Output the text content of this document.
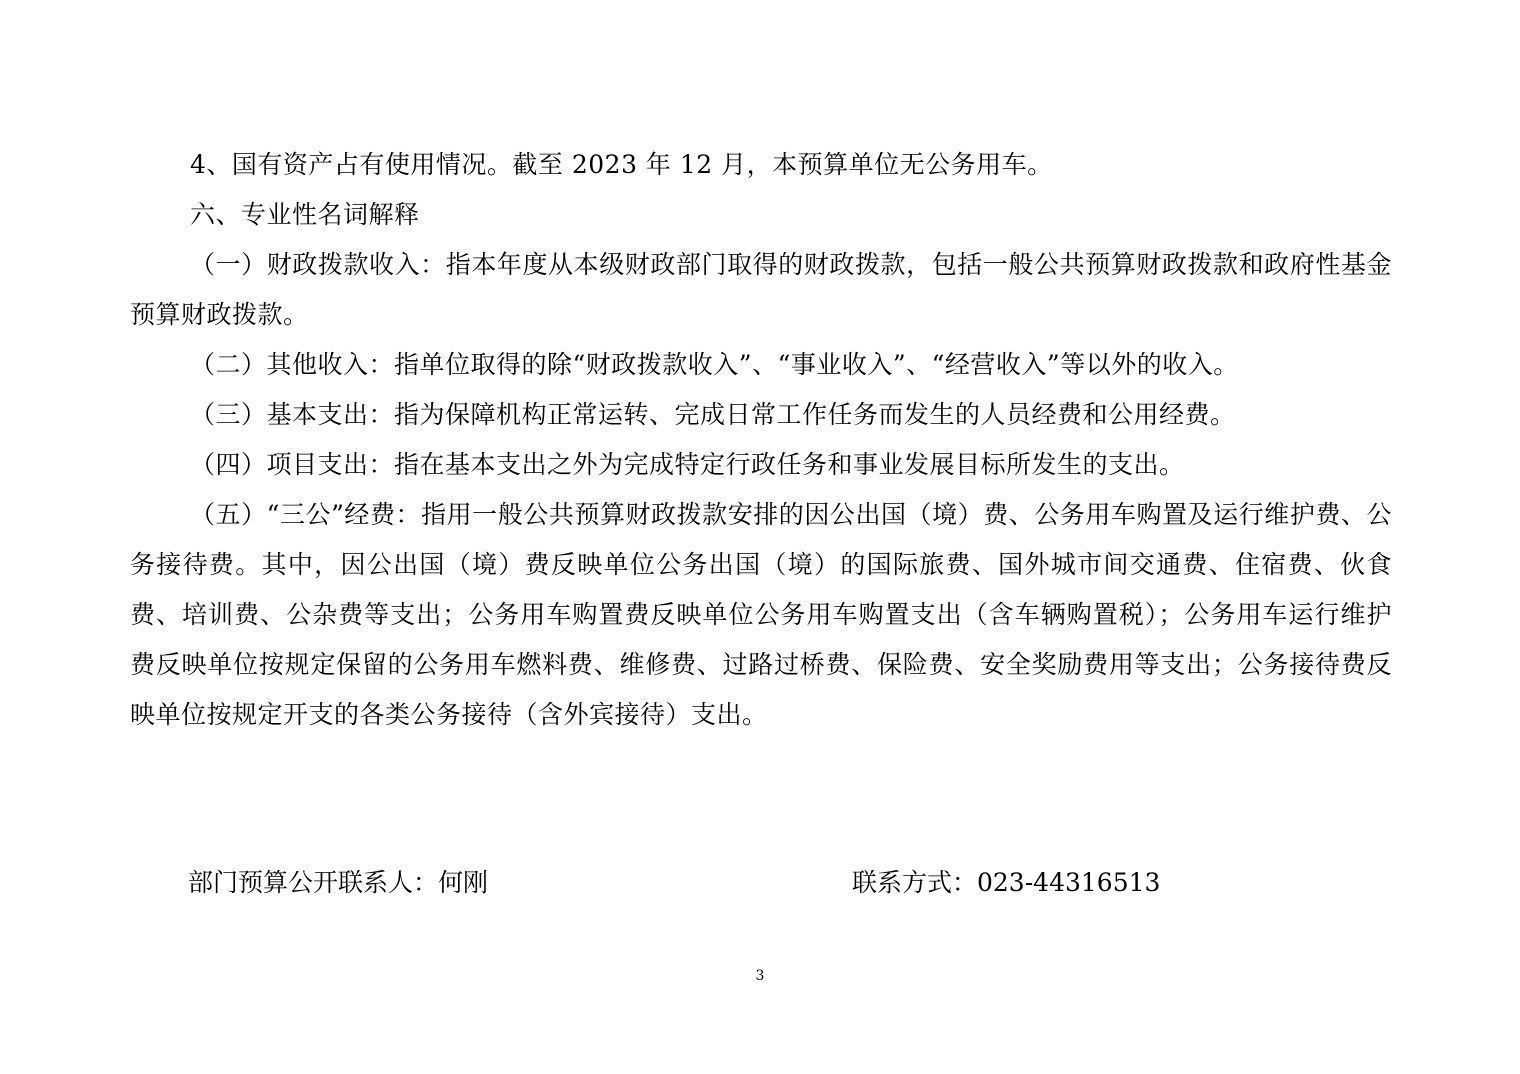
4、国有资产占有使用情况。截至 2023 年 12 月，本预算单位无公务用车。

六、专业性名词解释

（一）财政拨款收入：指本年度从本级财政部门取得的财政拨款，包括一般公共预算财政拨款和政府性基金预算财政拨款。

（二）其他收入：指单位取得的除“财政拨款收入”、“事业收入”、“经营收入”等以外的收入。

（三）基本支出：指为保障机构正常运转、完成日常工作任务而发生的人员经费和公用经费。

（四）项目支出：指在基本支出之外为完成特定行政任务和事业发展目标所发生的支出。

（五）“三公”经费：指用一般公共预算财政拨款安排的因公出国（境）费、公务用车购置及运行维护费、公务接待费。其中，因公出国（境）费反映单位公务出国（境）的国际旅费、国外城市间交通费、住宿费、伙食费、培训费、公杂费等支出；公务用车购置费反映单位公务用车购置支出（含车辆购置税）；公务用车运行维护费反映单位按规定保留的公务用车燃料费、维修费、过路过桥费、保险费、安全奖励费用等支出；公务接待费反映单位按规定开支的各类公务接待（含外宾接待）支出。

部门预算公开联系人：何刚	联系方式：023-44316513
3
